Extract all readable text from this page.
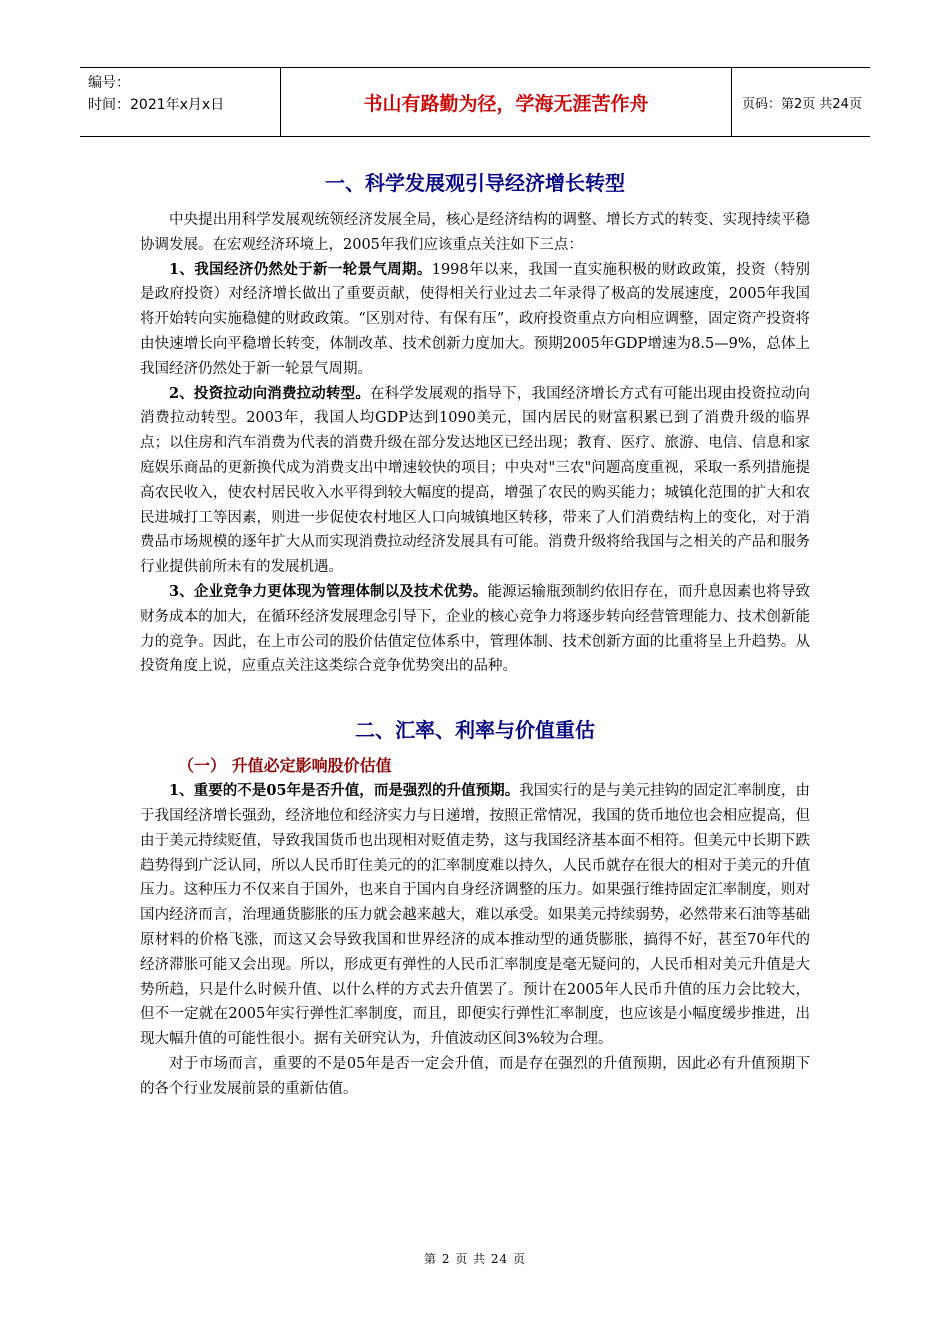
编号：
时间：2021年x月x日	书山有路勤为径，学海无涯苦作舟	页码：第2页 共24页
一、科学发展观引导经济增长转型

中央提出用科学发展观统领经济发展全局，核心是经济结构的调整、增长方式的转变、实现持续平稳协调发展。在宏观经济环境上，2005年我们应该重点关注如下三点：

1、我国经济仍然处于新一轮景气周期。1998年以来，我国一直实施积极的财政政策，投资（特别是政府投资）对经济增长做出了重要贡献，使得相关行业过去二年录得了极高的发展速度，2005年我国将开始转向实施稳健的财政政策。“区别对待、有保有压”，政府投资重点方向相应调整，固定资产投资将由快速增长向平稳增长转变，体制改革、技术创新力度加大。预期2005年GDP增速为8.5—9%，总体上我国经济仍然处于新一轮景气周期。

2、投资拉动向消费拉动转型。在科学发展观的指导下，我国经济增长方式有可能出现由投资拉动向消费拉动转型。2003年，我国人均GDP达到1090美元，国内居民的财富积累已到了消费升级的临界点；以住房和汽车消费为代表的消费升级在部分发达地区已经出现；教育、医疗、旅游、电信、信息和家庭娱乐商品的更新换代成为消费支出中增速较快的项目；中央对"三农"问题高度重视，采取一系列措施提高农民收入，使农村居民收入水平得到较大幅度的提高，增强了农民的购买能力；城镇化范围的扩大和农民进城打工等因素，则进一步促使农村地区人口向城镇地区转移，带来了人们消费结构上的变化，对于消费品市场规模的逐年扩大从而实现消费拉动经济发展具有可能。消费升级将给我国与之相关的产品和服务行业提供前所未有的发展机遇。

3、企业竞争力更体现为管理体制以及技术优势。能源运输瓶颈制约依旧存在，而升息因素也将导致财务成本的加大，在循环经济发展理念引导下，企业的核心竞争力将逐步转向经营管理能力、技术创新能力的竞争。因此，在上市公司的股价估值定位体系中，管理体制、技术创新方面的比重将呈上升趋势。从投资角度上说，应重点关注这类综合竞争优势突出的品种。

二、汇率、利率与价值重估
（一） 升值必定影响股价估值

1、重要的不是05年是否升值，而是强烈的升值预期。我国实行的是与美元挂钩的固定汇率制度，由于我国经济增长强劲，经济地位和经济实力与日递增，按照正常情况，我国的货币地位也会相应提高，但由于美元持续贬值，导致我国货币也出现相对贬值走势，这与我国经济基本面不相符。但美元中长期下跌趋势得到广泛认同，所以人民币盯住美元的的汇率制度难以持久，人民币就存在很大的相对于美元的升值压力。这种压力不仅来自于国外，也来自于国内自身经济调整的压力。如果强行维持固定汇率制度，则对国内经济而言，治理通货膨胀的压力就会越来越大，难以承受。如果美元持续弱势，必然带来石油等基础原材料的价格飞涨，而这又会导致我国和世界经济的成本推动型的通货膨胀，搞得不好，甚至70年代的经济滞胀可能又会出现。所以，形成更有弹性的人民币汇率制度是毫无疑问的，人民币相对美元升值是大势所趋，只是什么时候升值、以什么样的方式去升值罢了。预计在2005年人民币升值的压力会比较大，但不一定就在2005年实行弹性汇率制度，而且，即便实行弹性汇率制度，也应该是小幅度缓步推进，出现大幅升值的可能性很小。据有关研究认为，升值波动区间3%较为合理。

对于市场而言，重要的不是05年是否一定会升值，而是存在强烈的升值预期，因此必有升值预期下的各个行业发展前景的重新估值。

第 2 页 共 24 页
